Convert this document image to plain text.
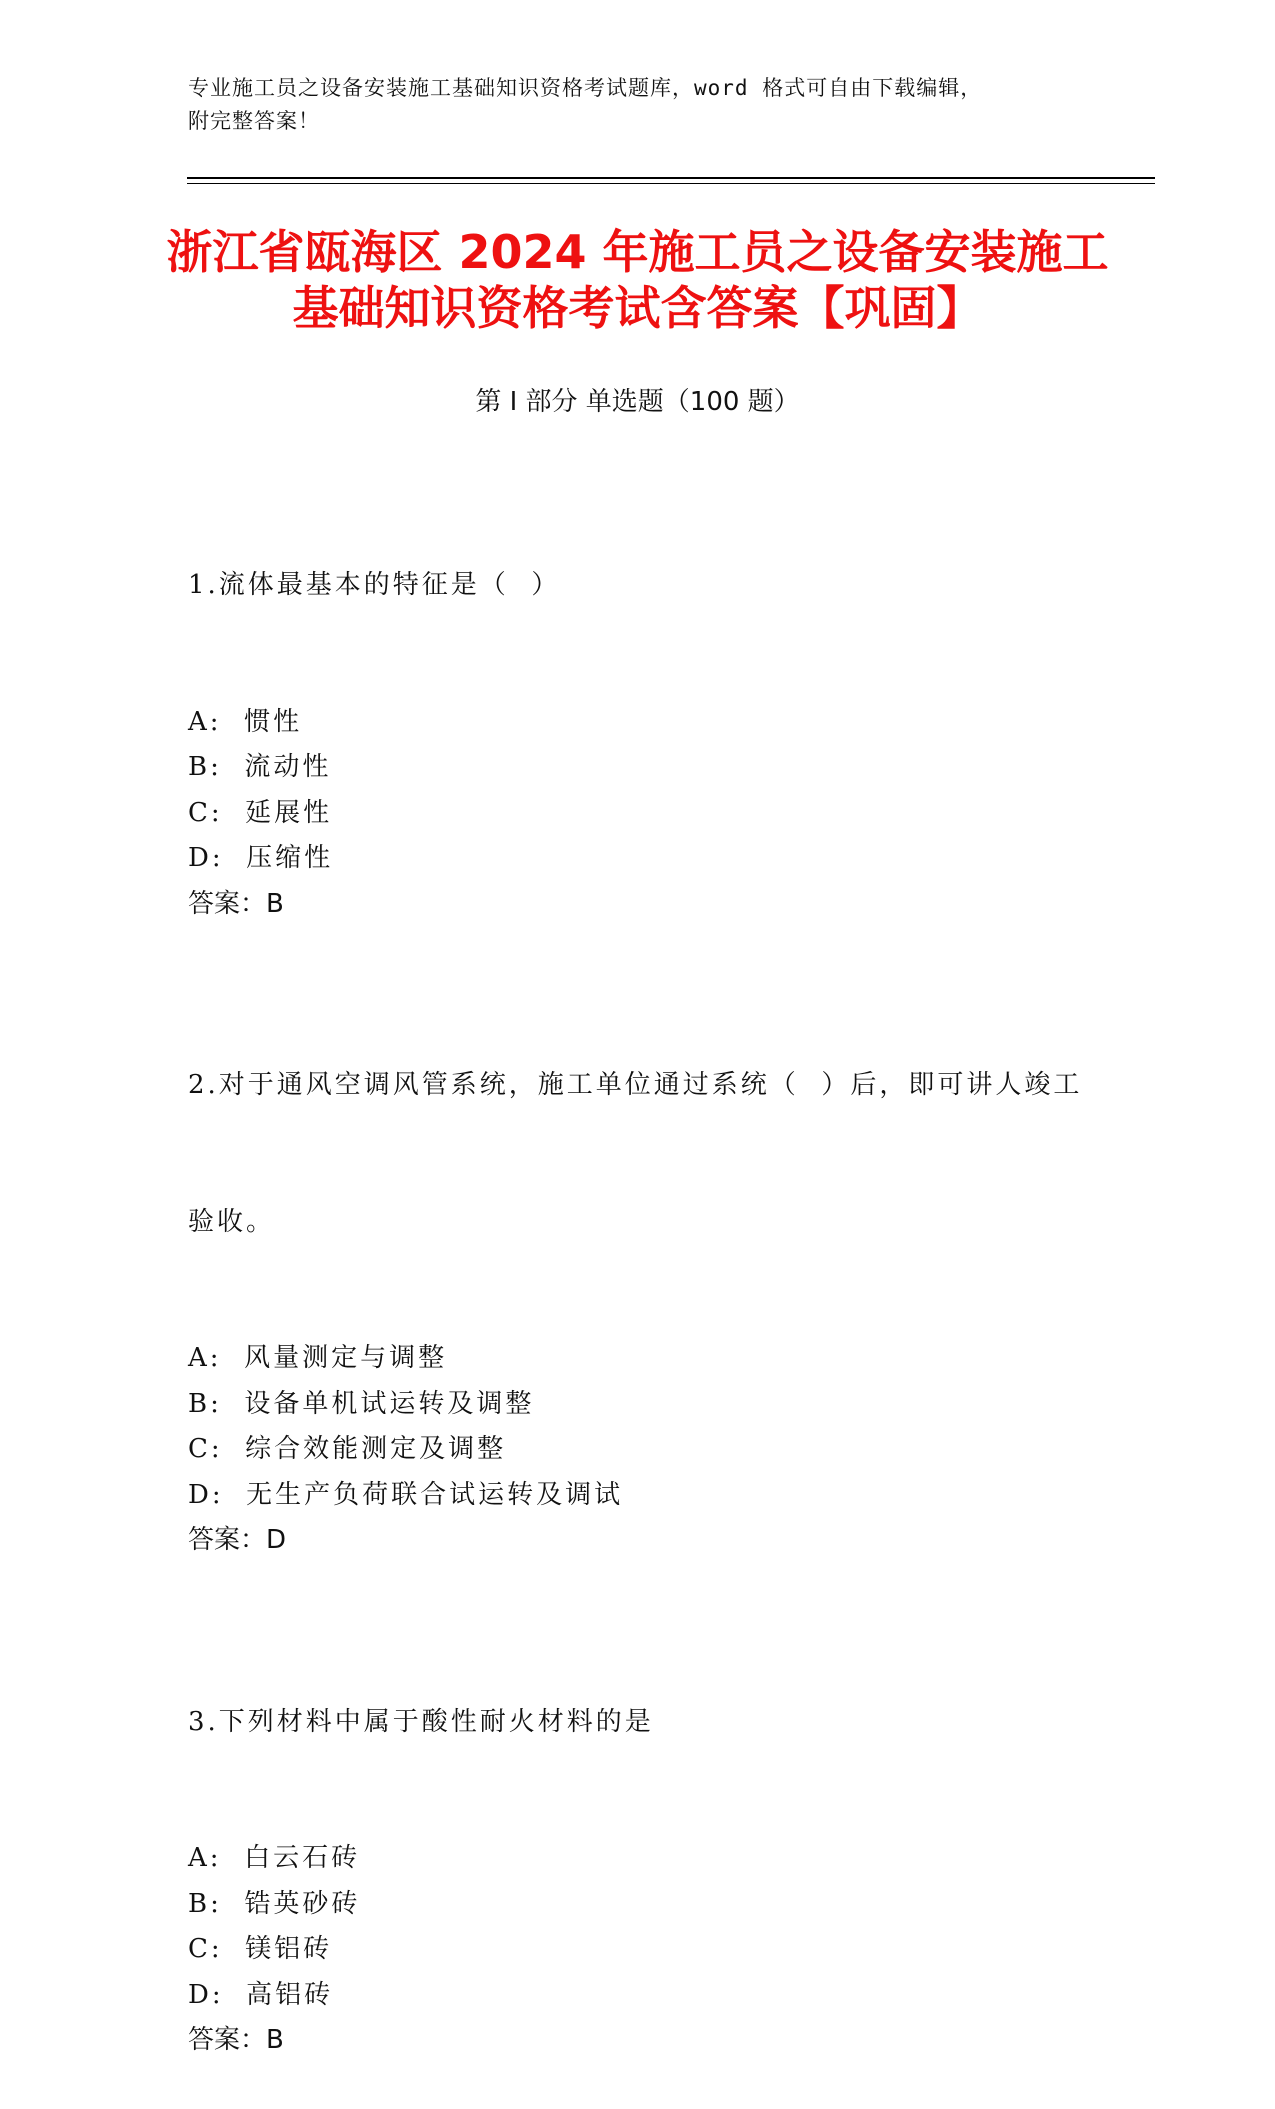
专业施工员之设备安装施工基础知识资格考试题库，word 格式可自由下载编辑，
附完整答案！
浙江省瓯海区 2024 年施工员之设备安装施工
基础知识资格考试含答案【巩固】
第 I 部分 单选题（100 题）

1.流体最基本的特征是（  ）

A:  惯性
B:  流动性
C:  延展性
D:  压缩性
答案：B

2.对于通风空调风管系统，施工单位通过系统（  ）后，即可讲人竣工

验收。

A:  风量测定与调整
B:  设备单机试运转及调整
C:  综合效能测定及调整
D:  无生产负荷联合试运转及调试
答案：D

3.下列材料中属于酸性耐火材料的是

A:  白云石砖
B:  锆英砂砖
C:  镁铝砖
D:  高铝砖
答案：B
